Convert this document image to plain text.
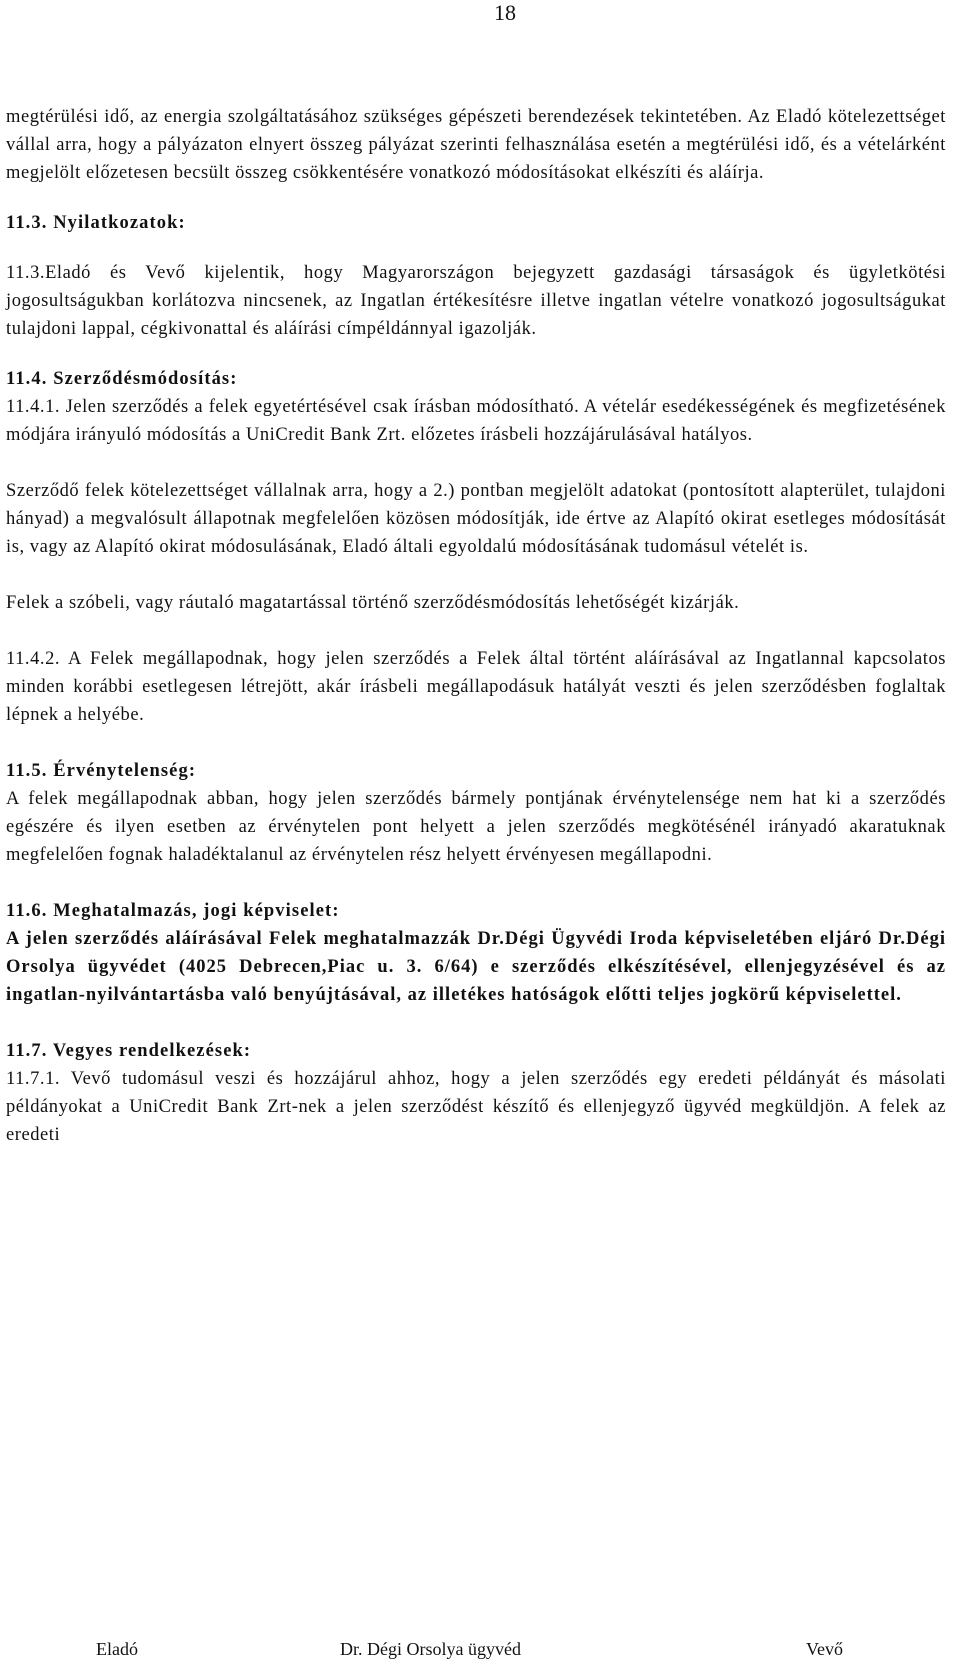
18

megtérülési idő, az energia szolgáltatásához szükséges gépészeti berendezések tekintetében. Az Eladó kötelezettséget vállal arra, hogy a pályázaton elnyert összeg pályázat szerinti felhasználása esetén a megtérülési idő, és a vételárként megjelölt előzetesen becsült összeg csökkentésére vonatkozó módosításokat elkészíti és aláírja.

11.3. Nyilatkozatok:

11.3.Eladó és Vevő kijelentik, hogy Magyarországon bejegyzett gazdasági társaságok és ügyletkötési jogosultságukban korlátozva nincsenek, az Ingatlan értékesítésre illetve ingatlan vételre vonatkozó jogosultságukat tulajdoni lappal, cégkivonattal és aláírási címpéldánnyal igazolják.

11.4. Szerződésmódosítás:

11.4.1. Jelen szerződés a felek egyetértésével csak írásban módosítható. A vételár esedékességének és megfizetésének módjára irányuló módosítás a UniCredit Bank Zrt. előzetes írásbeli hozzájárulásával hatályos.

Szerződő felek kötelezettséget vállalnak arra, hogy a 2.) pontban megjelölt adatokat (pontosított alapterület, tulajdoni hányad) a megvalósult állapotnak megfelelően közösen módosítják, ide értve az Alapító okirat esetleges módosítását is, vagy az Alapító okirat módosulásának, Eladó általi egyoldalú módosításának tudomásul vételét is.

Felek a szóbeli, vagy ráutaló magatartással történő szerződésmódosítás lehetőségét kizárják.

11.4.2. A Felek megállapodnak, hogy jelen szerződés a Felek által történt aláírásával az Ingatlannal kapcsolatos minden korábbi esetlegesen létrejött, akár írásbeli megállapodásuk hatályát veszti és jelen szerződésben foglaltak lépnek a helyébe.

11.5. Érvénytelenség:

A felek megállapodnak abban, hogy jelen szerződés bármely pontjának érvénytelensége nem hat ki a szerződés egészére és ilyen esetben az érvénytelen pont helyett a jelen szerződés megkötésénél irányadó akaratuknak megfelelően fognak haladéktalanul az érvénytelen rész helyett érvényesen megállapodni.

11.6. Meghatalmazás, jogi képviselet:

A jelen szerződés aláírásával Felek meghatalmazzák Dr.Dégi Ügyvédi Iroda képviseletében eljáró Dr.Dégi Orsolya ügyvédet (4025 Debrecen,Piac u. 3. 6/64) e szerződés elkészítésével, ellenjegyzésével és az ingatlan-nyilvántartásba való benyújtásával, az illetékes hatóságok előtti teljes jogkörű képviselettel.

11.7. Vegyes rendelkezések:

11.7.1. Vevő tudomásul veszi és hozzájárul ahhoz, hogy a jelen szerződés egy eredeti példányát és másolati példányokat a UniCredit Bank Zrt-nek a jelen szerződést készítő és ellenjegyző ügyvéd megküldjön. A felek az eredeti

Eladó	Dr. Dégi Orsolya ügyvéd	Vevő
